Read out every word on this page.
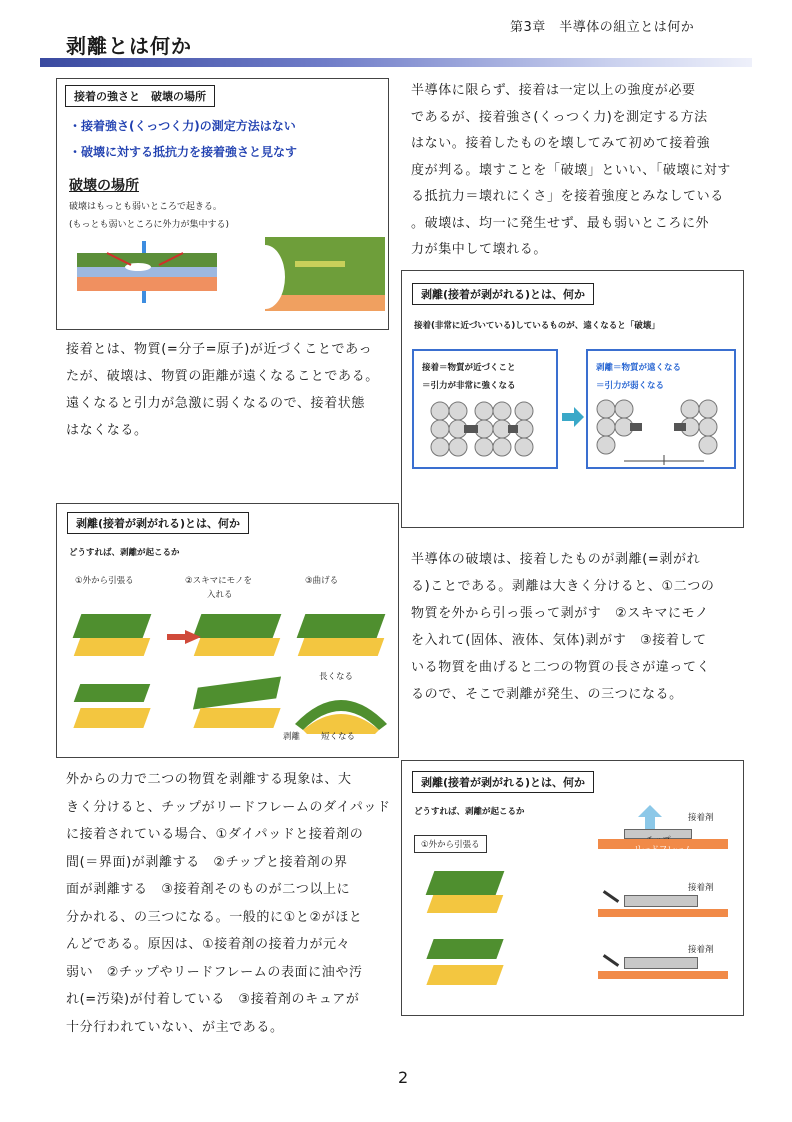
第3章　半導体の組立とは何か
剥離とは何か
接着の強さと　破壊の場所
・接着強さ(くっつく力)の測定方法はない
・破壊に対する抵抗力を接着強さと見なす
破壊の場所
破壊はもっとも弱いところで起きる。
(もっとも弱いところに外力が集中する)
半導体に限らず、接着は一定以上の強度が必要
であるが、接着強さ(くっつく力)を測定する方法
はない。接着したものを壊してみて初めて接着強
度が判る。壊すことを「破壊」といい、「破壊に対す
る抵抗力＝壊れにくさ」を接着強度とみなしている
。破壊は、均一に発生せず、最も弱いところに外
力が集中して壊れる。
接着とは、物質(=分子=原子)が近づくことであっ
たが、破壊は、物質の距離が遠くなることである。
遠くなると引力が急激に弱くなるので、接着状態
はなくなる。
剥離(接着が剥がれる)とは、何か
接着(非常に近づいている)しているものが、遠くなると「破壊」
接着＝物質が近づくこと
＝引力が非常に強くなる
剥離＝物質が遠くなる
＝引力が弱くなる
剥離(接着が剥がれる)とは、何か
どうすれば、剥離が起こるか
①外から引張る	②スキマにモノを
入れる
③曲げる
長くなる
剥離 短くなる
半導体の破壊は、接着したものが剥離(=剥がれ
る)ことである。剥離は大きく分けると、①二つの
物質を外から引っ張って剥がす　②スキマにモノ
を入れて(固体、液体、気体)剥がす　③接着して
いる物質を曲げると二つの物質の長さが違ってく
るので、そこで剥離が発生、の三つになる。
外からの力で二つの物質を剥離する現象は、大
きく分けると、チップがリードフレームのダイパッド
に接着されている場合、①ダイパッドと接着剤の
間(＝界面)が剥離する　②チップと接着剤の界
面が剥離する　③接着剤そのものが二つ以上に
分かれる、の三つになる。一般的に①と②がほと
んどである。原因は、①接着剤の接着力が元々
弱い　②チップやリードフレームの表面に油や汚
れ(=汚染)が付着している　③接着剤のキュアが
十分行われていない、が主である。
剥離(接着が剥がれる)とは、何か
どうすれば、剥離が起こるか
①外から引張る
接着剤
リードフレーム
接着剤
接着剤
2
